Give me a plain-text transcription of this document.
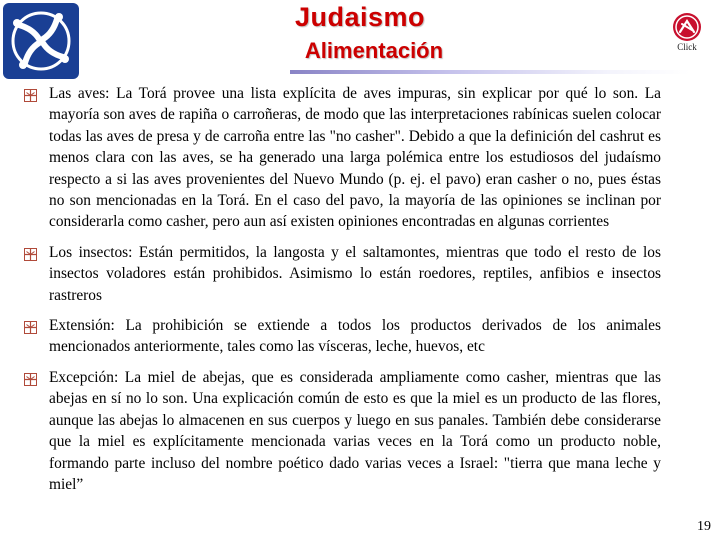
Judaismo
Alimentación	Click

Las aves: La Torá provee una lista explícita de aves impuras, sin explicar por qué lo son. La mayoría son aves de rapiña o carroñeras, de modo que las interpretaciones rabínicas suelen colocar todas las aves de presa y de carroña entre las "no casher". Debido a que la definición del cashrut es menos clara con las aves, se ha generado una larga polémica entre los estudiosos del judaísmo respecto a si las aves provenientes del Nuevo Mundo (p. ej. el pavo) eran casher o no, pues éstas no son mencionadas en la Torá. En el caso del pavo, la mayoría de las opiniones se inclinan por considerarla como casher, pero aun así existen opiniones encontradas en algunas corrientes

Los insectos: Están permitidos, la langosta y el saltamontes, mientras que todo el resto de los insectos voladores están prohibidos. Asimismo lo están roedores, reptiles, anfibios e insectos rastreros

Extensión: La prohibición se extiende a todos los productos derivados de los animales mencionados anteriormente, tales como las vísceras, leche, huevos, etc

Excepción: La miel de abejas, que es considerada ampliamente como casher, mientras que las abejas en sí no lo son. Una explicación común de esto es que la miel es un producto de las flores, aunque las abejas lo almacenen en sus cuerpos y luego en sus panales. También debe considerarse que la miel es explícitamente mencionada varias veces en la Torá como un producto noble, formando parte incluso del nombre poético dado varias veces a Israel: "tierra que mana leche y miel”

19
